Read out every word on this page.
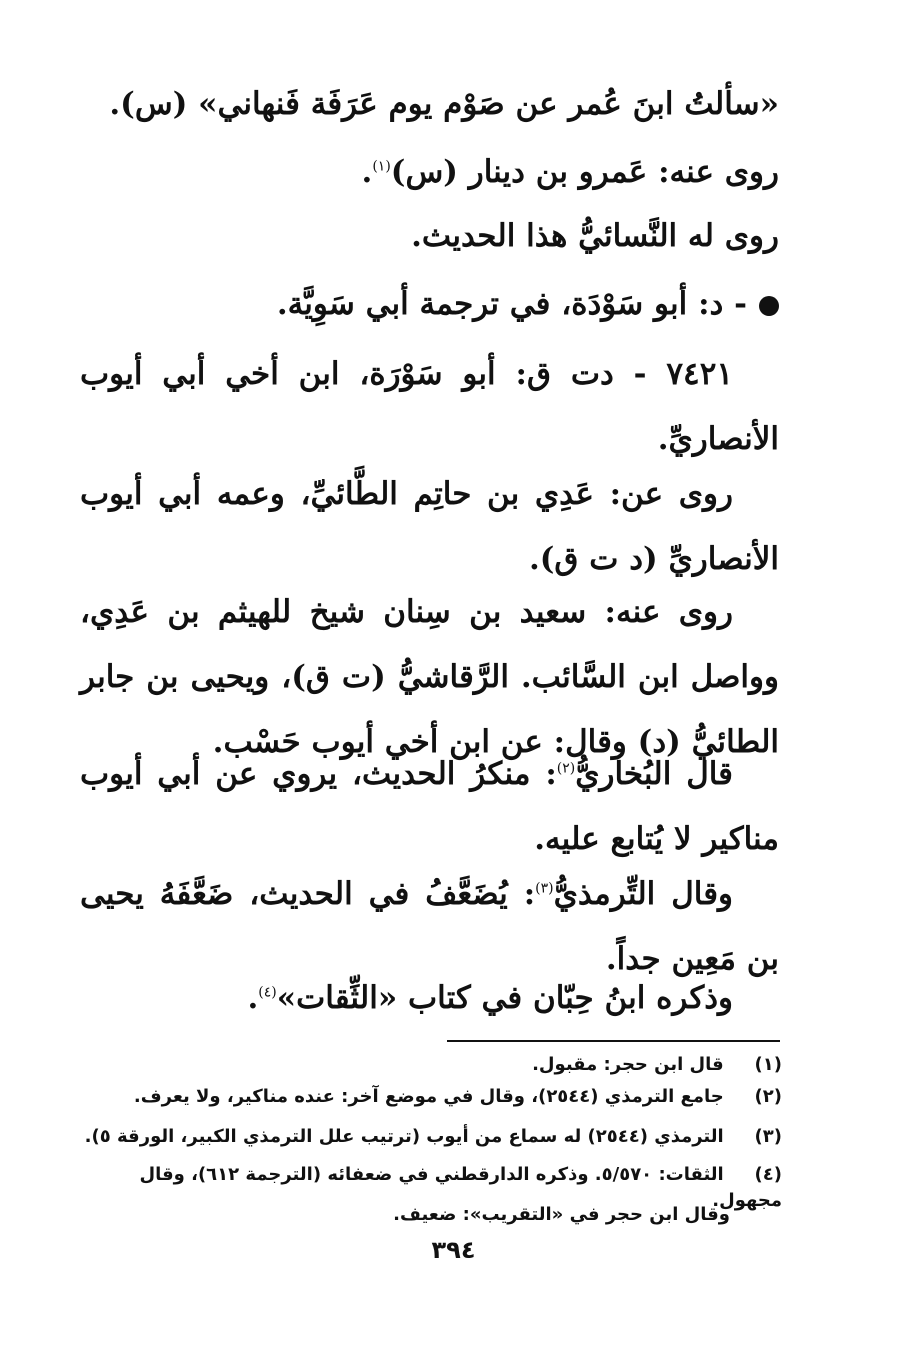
«سألتُ ابنَ عُمر عن صَوْم يوم عَرَفَة فَنهاني» (س).

روى عنه: عَمرو بن دينار (س)$^{(١)}$.

روى له النَّسائيُّ هذا الحديث.

- د: أبو سَوْدَة، في ترجمة أبي سَوِيَّة.

٧٤٢١ - دت ق: أبو سَوْرَة، ابن أخي أبي أيوب الأنصاريِّ.

روى عن: عَدِي بن حاتِم الطَّائيِّ، وعمه أبي أيوب الأنصاريِّ (د ت ق).

روى عنه: سعيد بن سِنان شيخ للهيثم بن عَدِي، وواصل ابن السَّائب. الرَّقاشيُّ (ت ق)، ويحيى بن جابر الطائيُّ (د) وقال: عن ابن أخي أيوب حَسْب.

قال البُخاريُّ$^{(٢)}$: منكرُ الحديث، يروي عن أبي أيوب مناكير لا يُتابع عليه.

وقال التِّرمذيُّ$^{(٣)}$: يُضَعَّفُ في الحديث، ضَعَّفَهُ يحيى بن مَعِين جداً.

وذكره ابنُ حِبّان في كتاب «الثِّقات»$^{(٤)}$.

(١) قال ابن حجر: مقبول.

(٢) جامع الترمذي (٢٥٤٤)، وقال في موضع آخر: عنده مناكير، ولا يعرف.

(٣) الترمذي (٢٥٤٤) له سماع من أيوب (ترتيب علل الترمذي الكبير، الورقة ٥).

(٤) الثقات: ٥/٥٧٠. وذكره الدارقطني في ضعفائه (الترجمة ٦١٢)، وقال مجهول.

وقال ابن حجر في «التقريب»: ضعيف.

٣٩٤
